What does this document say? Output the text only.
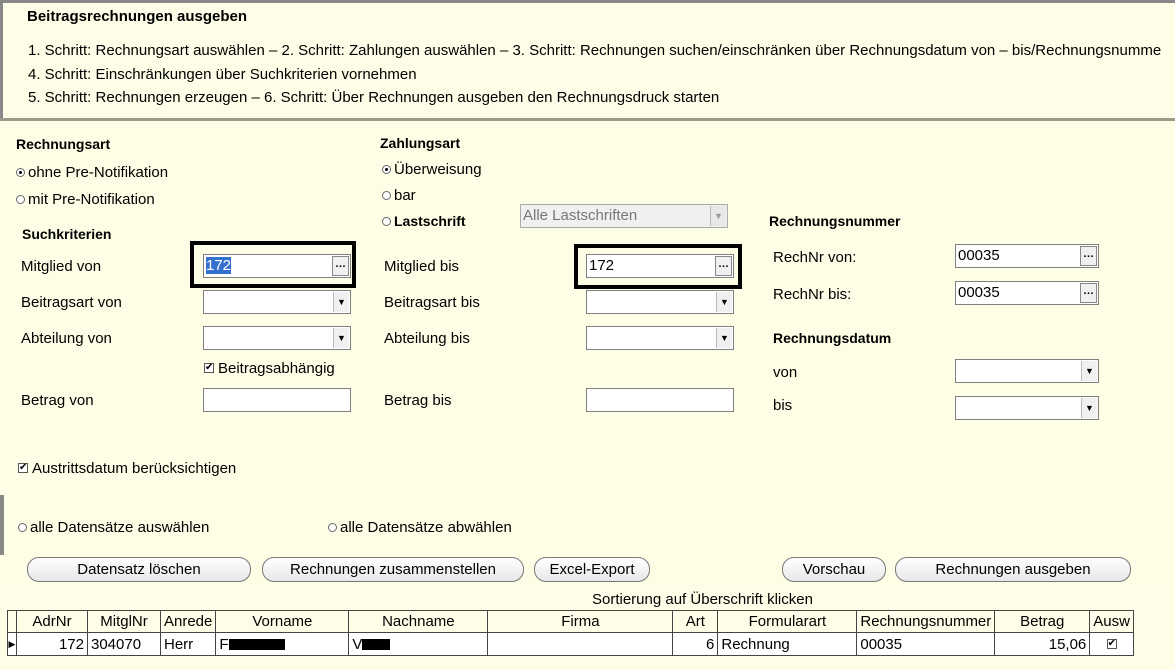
Beitragsrechnungen ausgeben
1. Schritt: Rechnungsart auswählen – 2. Schritt: Zahlungen auswählen – 3. Schritt: Rechnungen suchen/einschränken über Rechnungsdatum von – bis/Rechnungsnumme
4. Schritt: Einschränkungen über Suchkriterien vornehmen
5. Schritt: Rechnungen erzeugen – 6. Schritt: Über Rechnungen ausgeben den Rechnungsdruck starten
Rechnungsart
ohne Pre-Notifikation
mit Pre-Notifikation
Zahlungsart
Überweisung
bar
Lastschrift	Alle Lastschriften	▼
Suchkriterien
Mitglied von	172	…	Mitglied bis	172	…
Beitragsart von	▼	Beitragsart bis	▼
Abteilung von	▼	Abteilung bis	▼
✔ Beitragsabhängig
Betrag von	Betrag bis
Rechnungsnummer
RechNr von:	00035	…
RechNr bis:	00035	…
Rechnungsdatum
von	▼
bis	▼
✔ Austrittsdatum berücksichtigen
alle Datensätze auswählen	alle Datensätze abwählen
Datensatz löschen	Rechnungen zusammenstellen	Excel-Export	Vorschau	Rechnungen ausgeben
Sortierung auf Überschrift klicken
	AdrNr	MitglNr	Anrede	Vorname	Nachname	Firma	Art	Formularart	Rechnungsnummer	Betrag	Ausw
▶	172	304070	Herr	F	V		6	Rechnung	00035	15,06	✔
